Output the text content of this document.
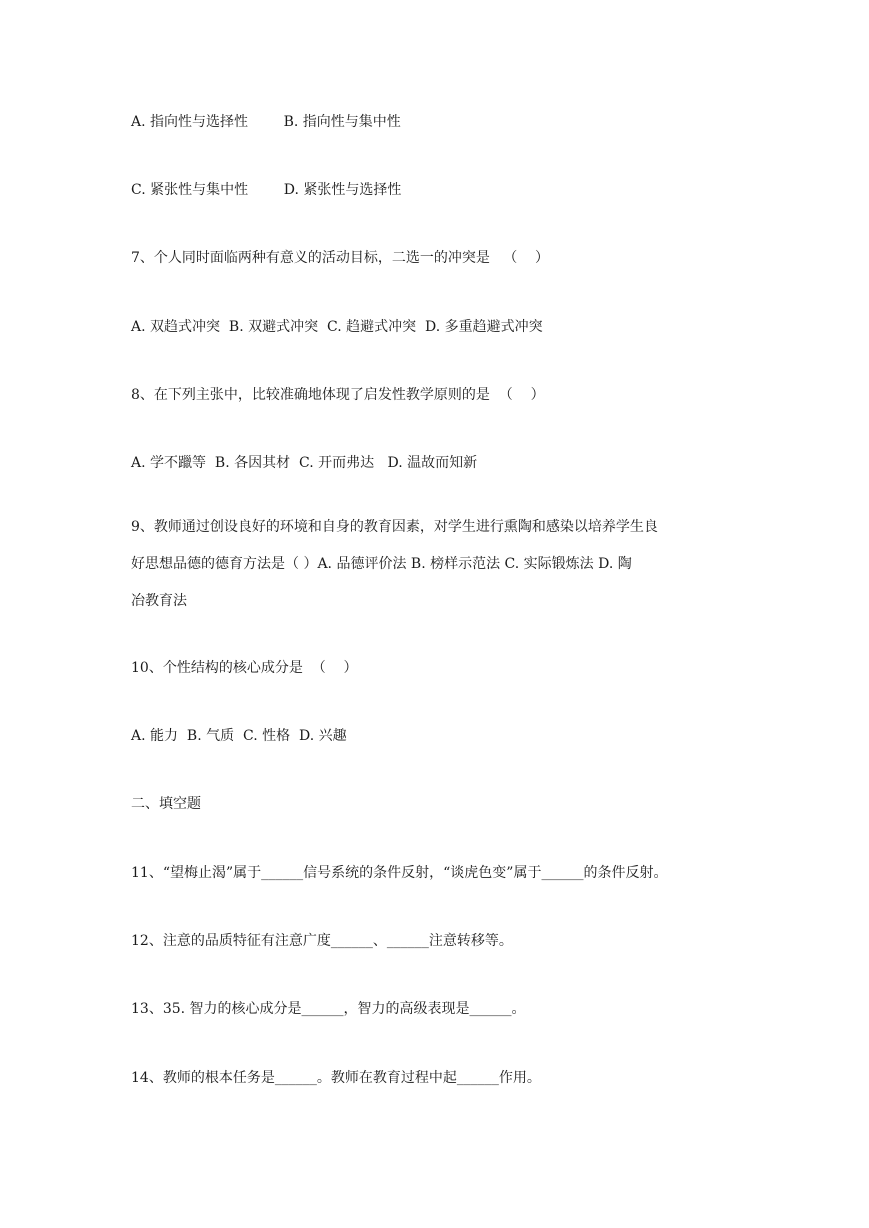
A. 指向性与选择性        B. 指向性与集中性
C. 紧张性与集中性        D. 紧张性与选择性
7、个人同时面临两种有意义的活动目标，二选一的冲突是   （    ）
A. 双趋式冲突  B. 双避式冲突  C. 趋避式冲突  D. 多重趋避式冲突
8、在下列主张中，比较准确地体现了启发性教学原则的是  （    ）
A. 学不躐等  B. 各因其材  C. 开而弗达   D. 温故而知新

9、教师通过创设良好的环境和自身的教育因素，对学生进行熏陶和感染以培养学生良

好思想品德的德育方法是（ ）A. 品德评价法 B. 榜样示范法 C. 实际锻炼法 D. 陶

冶教育法

10、个性结构的核心成分是  （    ）
A. 能力  B. 气质  C. 性格  D. 兴趣
二、填空题
11、“望梅止渴”属于______信号系统的条件反射，“谈虎色变”属于______的条件反射。
12、注意的品质特征有注意广度______、______注意转移等。
13、35. 智力的核心成分是______，智力的高级表现是______。
14、教师的根本任务是______。教师在教育过程中起______作用。
